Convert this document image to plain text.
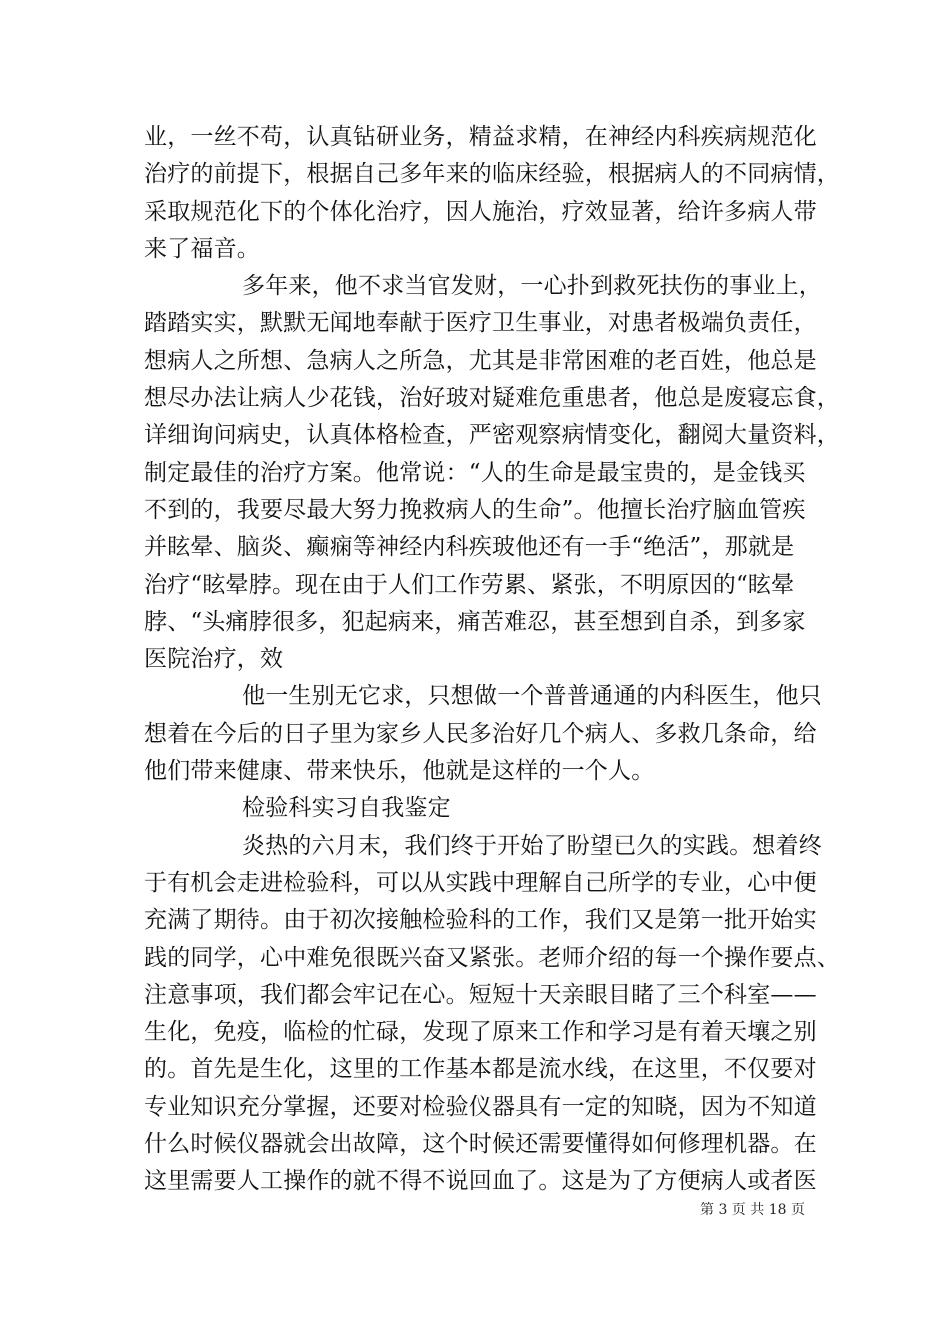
业，一丝不苟，认真钻研业务，精益求精，在神经内科疾病规范化
治疗的前提下，根据自己多年来的临床经验，根据病人的不同病情，
采取规范化下的个体化治疗，因人施治，疗效显著，给许多病人带
来了福音。
多年来，他不求当官发财，一心扑到救死扶伤的事业上，
踏踏实实，默默无闻地奉献于医疗卫生事业，对患者极端负责任，
想病人之所想、急病人之所急，尤其是非常困难的老百姓，他总是
想尽办法让病人少花钱，治好玻对疑难危重患者，他总是废寝忘食，
详细询问病史，认真体格检查，严密观察病情变化，翻阅大量资料，
制定最佳的治疗方案。他常说：“人的生命是最宝贵的，是金钱买
不到的，我要尽最大努力挽救病人的生命”。他擅长治疗脑血管疾
并眩晕、脑炎、癫痫等神经内科疾玻他还有一手“绝活”，那就是
治疗“眩晕脖。现在由于人们工作劳累、紧张，不明原因的“眩晕
脖、“头痛脖很多，犯起病来，痛苦难忍，甚至想到自杀，到多家
医院治疗，效
他一生别无它求，只想做一个普普通通的内科医生，他只
想着在今后的日子里为家乡人民多治好几个病人、多救几条命，给
他们带来健康、带来快乐，他就是这样的一个人。
检验科实习自我鉴定
炎热的六月末，我们终于开始了盼望已久的实践。想着终
于有机会走进检验科，可以从实践中理解自己所学的专业，心中便
充满了期待。由于初次接触检验科的工作，我们又是第一批开始实
践的同学，心中难免很既兴奋又紧张。老师介绍的每一个操作要点、
注意事项，我们都会牢记在心。短短十天亲眼目睹了三个科室——
生化，免疫，临检的忙碌，发现了原来工作和学习是有着天壤之别
的。首先是生化，这里的工作基本都是流水线，在这里，不仅要对
专业知识充分掌握，还要对检验仪器具有一定的知晓，因为不知道
什么时候仪器就会出故障，这个时候还需要懂得如何修理机器。在
这里需要人工操作的就不得不说回血了。这是为了方便病人或者医
第 3 页 共 18 页
